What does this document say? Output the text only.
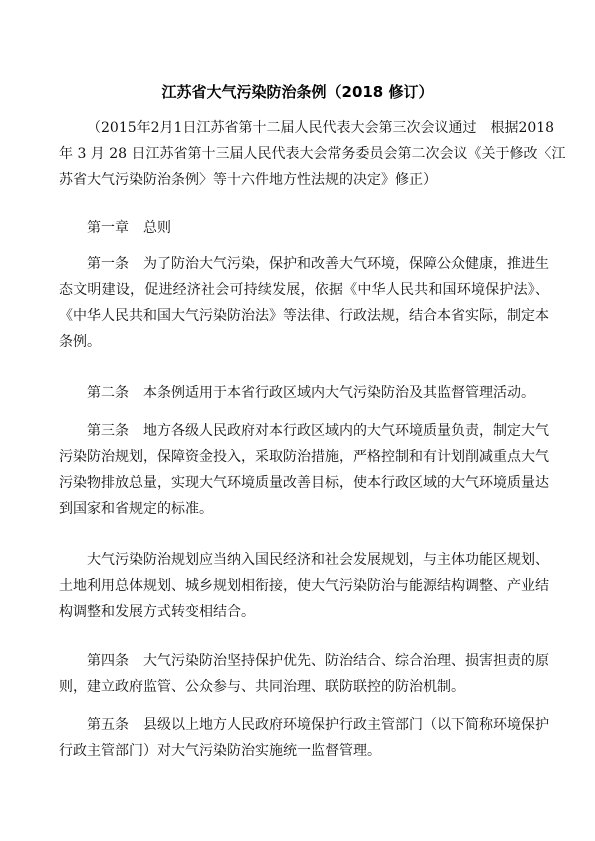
江苏省大气污染防治条例（2018 修订）
（2015年2月1日江苏省第十二届人民代表大会第三次会议通过　根据2018
年 3 月 28 日江苏省第十三届人民代表大会常务委员会第二次会议《关于修改〈江
苏省大气污染防治条例〉等十六件地方性法规的决定》修正）
第一章　总则
第一条　为了防治大气污染，保护和改善大气环境，保障公众健康，推进生
态文明建设，促进经济社会可持续发展，依据《中华人民共和国环境保护法》、
《中华人民共和国大气污染防治法》等法律、行政法规，结合本省实际，制定本
条例。
第二条　本条例适用于本省行政区域内大气污染防治及其监督管理活动。
第三条　地方各级人民政府对本行政区域内的大气环境质量负责，制定大气
污染防治规划，保障资金投入，采取防治措施，严格控制和有计划削减重点大气
污染物排放总量，实现大气环境质量改善目标，使本行政区域的大气环境质量达
到国家和省规定的标准。
大气污染防治规划应当纳入国民经济和社会发展规划，与主体功能区规划、
土地利用总体规划、城乡规划相衔接，使大气污染防治与能源结构调整、产业结
构调整和发展方式转变相结合。
第四条　大气污染防治坚持保护优先、防治结合、综合治理、损害担责的原
则，建立政府监管、公众参与、共同治理、联防联控的防治机制。
第五条　县级以上地方人民政府环境保护行政主管部门（以下简称环境保护
行政主管部门）对大气污染防治实施统一监督管理。
